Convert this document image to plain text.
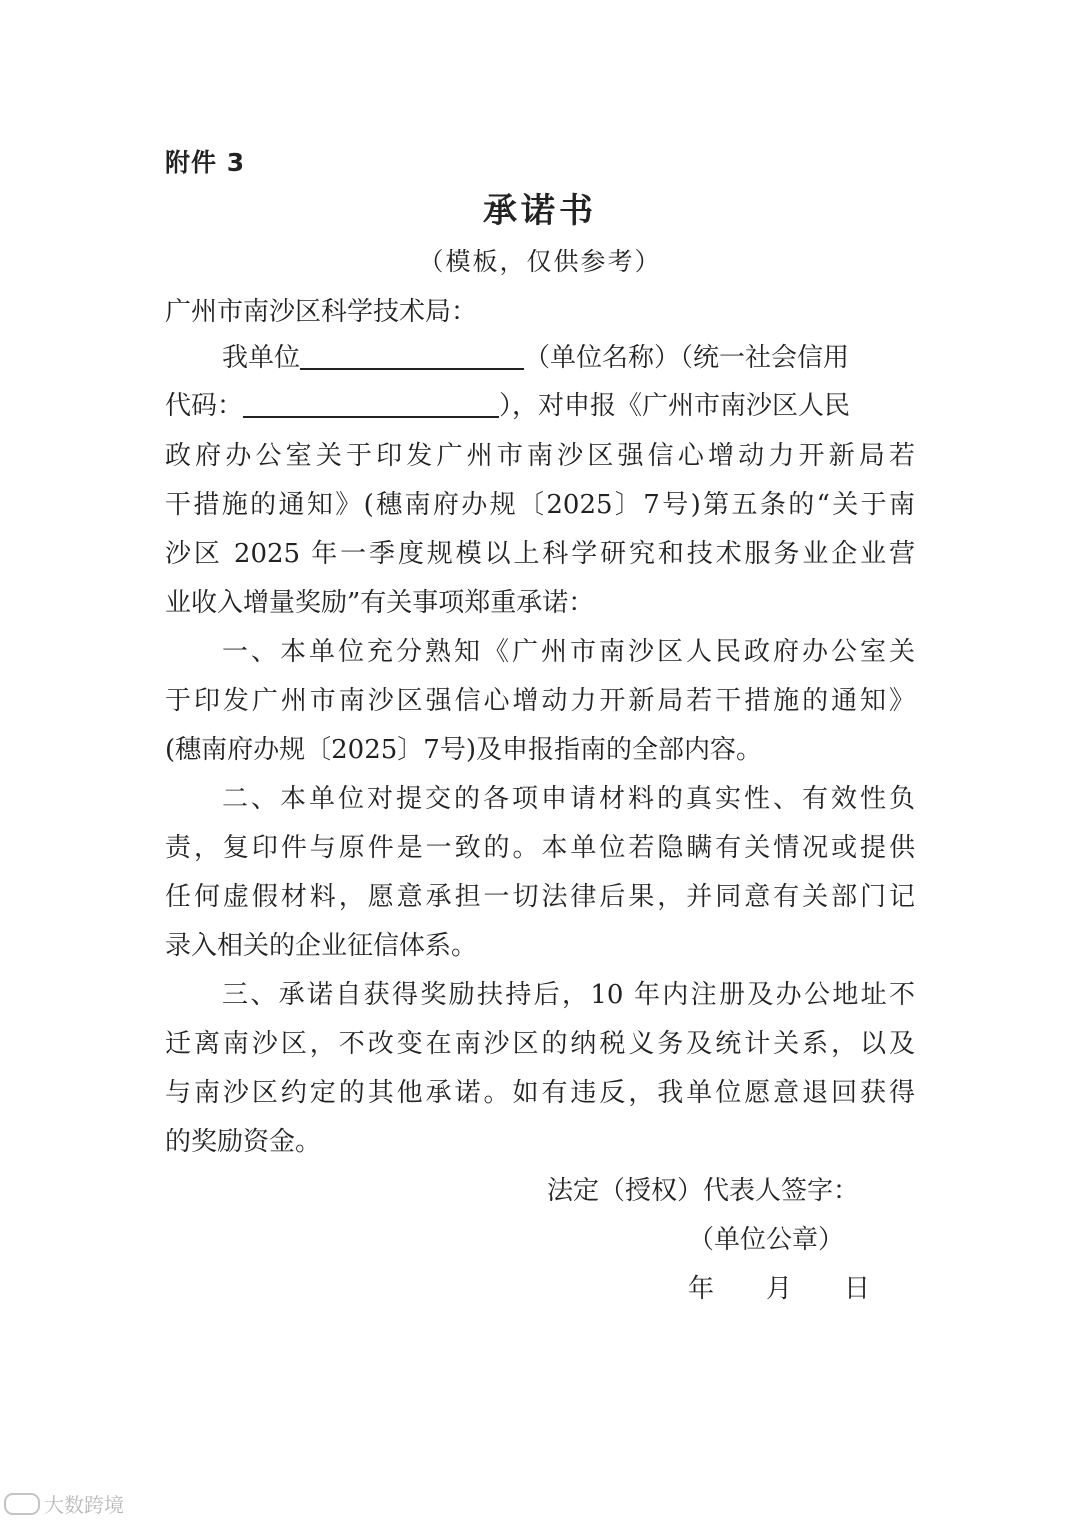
附件 3
承诺书
（模板，仅供参考）
广州市南沙区科学技术局：
我单位	（单位名称）（统一社会信用
代码：	），对申报《广州市南沙区人民
政府办公室关于印发广州市南沙区强信心增动力开新局若
干措施的通知》(穗南府办规〔2025〕7号)第五条的“关于南
沙区 2025 年一季度规模以上科学研究和技术服务业企业营
业收入增量奖励”有关事项郑重承诺：
一、本单位充分熟知《广州市南沙区人民政府办公室关
于印发广州市南沙区强信心增动力开新局若干措施的通知》
(穗南府办规〔2025〕7号)及申报指南的全部内容。
二、本单位对提交的各项申请材料的真实性、有效性负
责，复印件与原件是一致的。本单位若隐瞒有关情况或提供
任何虚假材料，愿意承担一切法律后果，并同意有关部门记
录入相关的企业征信体系。
三、承诺自获得奖励扶持后，10 年内注册及办公地址不
迁离南沙区，不改变在南沙区的纳税义务及统计关系，以及
与南沙区约定的其他承诺。如有违反，我单位愿意退回获得
的奖励资金。
法定（授权）代表人签字：
（单位公章）
年　　月　　日
大数跨境
